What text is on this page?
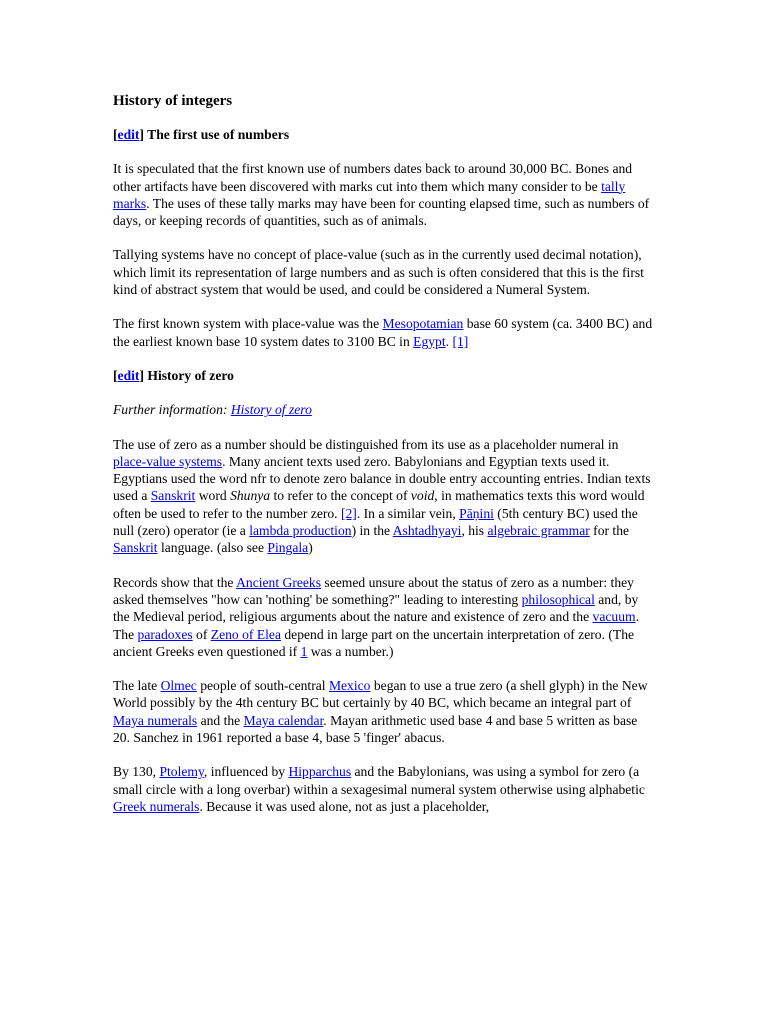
History of integers
[edit] The first use of numbers

It is speculated that the first known use of numbers dates back to around 30,000 BC. Bones and other artifacts have been discovered with marks cut into them which many consider to be tally marks. The uses of these tally marks may have been for counting elapsed time, such as numbers of days, or keeping records of quantities, such as of animals.

Tallying systems have no concept of place-value (such as in the currently used decimal notation), which limit its representation of large numbers and as such is often considered that this is the first kind of abstract system that would be used, and could be considered a Numeral System.

The first known system with place-value was the Mesopotamian base 60 system (ca. 3400 BC) and the earliest known base 10 system dates to 3100 BC in Egypt. [1]

[edit] History of zero

Further information: History of zero

The use of zero as a number should be distinguished from its use as a placeholder numeral in place-value systems. Many ancient texts used zero. Babylonians and Egyptian texts used it. Egyptians used the word nfr to denote zero balance in double entry accounting entries. Indian texts used a Sanskrit word Shunya to refer to the concept of void, in mathematics texts this word would often be used to refer to the number zero. [2]. In a similar vein, Pāṇini (5th century BC) used the null (zero) operator (ie a lambda production) in the Ashtadhyayi, his algebraic grammar for the Sanskrit language. (also see Pingala)

Records show that the Ancient Greeks seemed unsure about the status of zero as a number: they asked themselves "how can 'nothing' be something?" leading to interesting philosophical and, by the Medieval period, religious arguments about the nature and existence of zero and the vacuum. The paradoxes of Zeno of Elea depend in large part on the uncertain interpretation of zero. (The ancient Greeks even questioned if 1 was a number.)

The late Olmec people of south-central Mexico began to use a true zero (a shell glyph) in the New World possibly by the 4th century BC but certainly by 40 BC, which became an integral part of Maya numerals and the Maya calendar. Mayan arithmetic used base 4 and base 5 written as base 20. Sanchez in 1961 reported a base 4, base 5 'finger' abacus.

By 130, Ptolemy, influenced by Hipparchus and the Babylonians, was using a symbol for zero (a small circle with a long overbar) within a sexagesimal numeral system otherwise using alphabetic Greek numerals. Because it was used alone, not as just a placeholder,
